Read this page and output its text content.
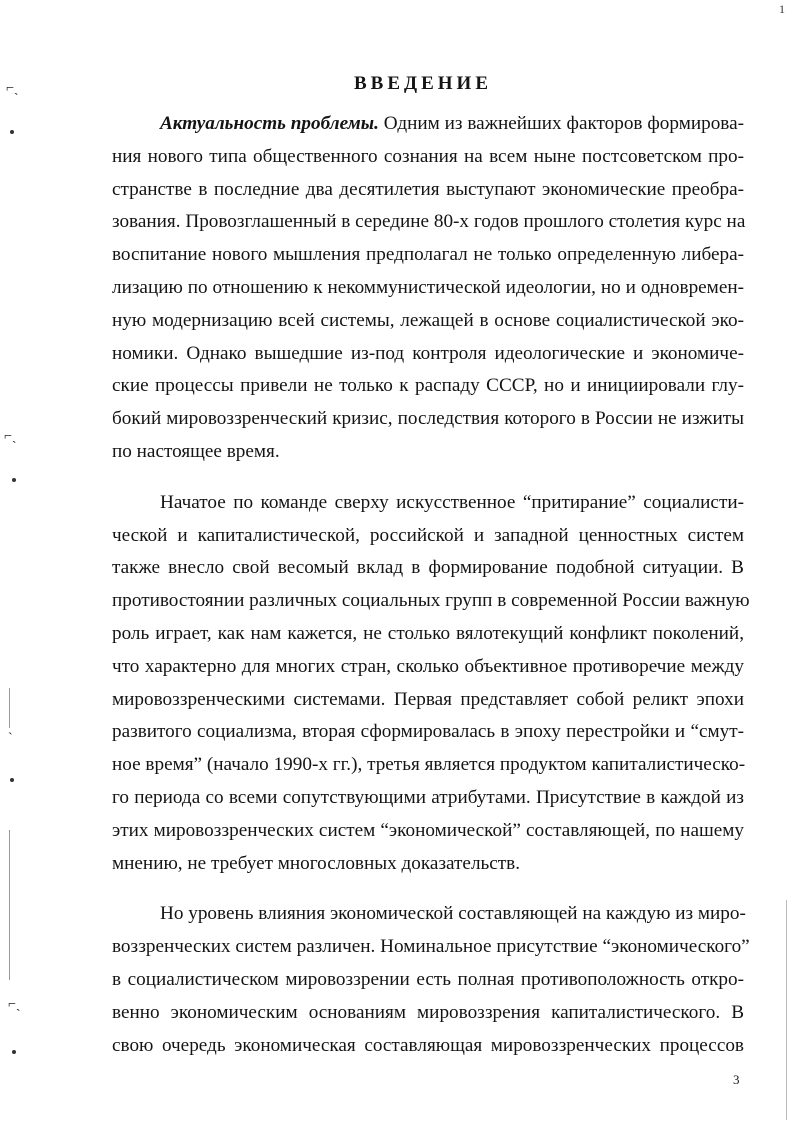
1
⌐ˎ
⌐ˎ
ˋ
⌐ˎ
ВВЕДЕНИЕ
Актуальность проблемы. Одним из важнейших факторов формирова-
ния нового типа общественного сознания на всем ныне постсоветском про-
странстве в последние два десятилетия выступают экономические преобра-
зования. Провозглашенный в середине 80-х годов прошлого столетия курс на
воспитание нового мышления предполагал не только определенную либера-
лизацию по отношению к некоммунистической идеологии, но и одновремен-
ную модернизацию всей системы, лежащей в основе социалистической эко-
номики. Однако вышедшие из-под контроля идеологические и экономиче-
ские процессы привели не только к распаду СССР, но и инициировали глу-
бокий мировоззренческий кризис, последствия которого в России не изжиты
по настоящее время.
Начатое по команде сверху искусственное “притирание” социалисти-
ческой и капиталистической, российской и западной ценностных систем
также внесло свой весомый вклад в формирование подобной ситуации. В
противостоянии различных социальных групп в современной России важную
роль играет, как нам кажется, не столько вялотекущий конфликт поколений,
что характерно для многих стран, сколько объективное противоречие между
мировоззренческими системами. Первая представляет собой реликт эпохи
развитого социализма, вторая сформировалась в эпоху перестройки и “смут-
ное время” (начало 1990-х гг.), третья является продуктом капиталистическо-
го периода со всеми сопутствующими атрибутами. Присутствие в каждой из
этих мировоззренческих систем “экономической” составляющей, по нашему
мнению, не требует многословных доказательств.
Но уровень влияния экономической составляющей на каждую из миро-
воззренческих систем различен. Номинальное присутствие “экономического”
в социалистическом мировоззрении есть полная противоположность откро-
венно экономическим основаниям мировоззрения капиталистического. В
свою очередь экономическая составляющая мировоззренческих процессов
3
